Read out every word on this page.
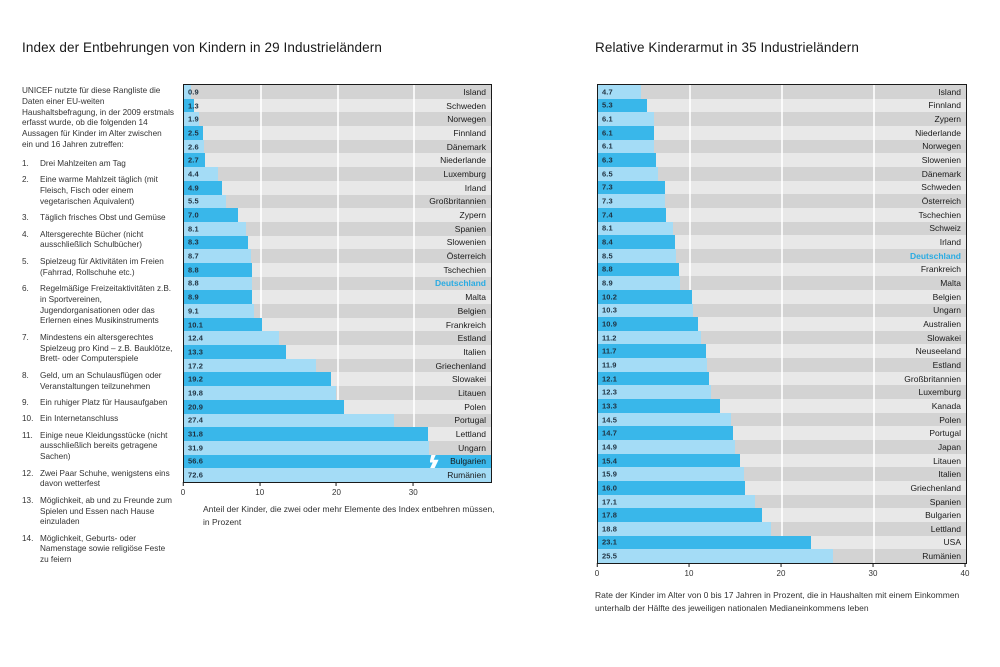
Index der Entbehrungen von Kindern in 29 Industrieländern

UNICEF nutzte für diese Rangliste die Daten einer EU-weiten Haushaltsbefragung, in der 2009 erstmals erfasst wurde, ob die folgenden 14 Aussagen für Kinder im Alter zwischen ein und 16 Jahren zutreffen:

1.	Drei Mahlzeiten am Tag
2.	Eine warme Mahlzeit täglich (mit Fleisch, Fisch oder einem vegetarischen Äquivalent)
3.	Täglich frisches Obst und Gemüse
4.	Altersgerechte Bücher (nicht ausschließlich Schulbücher)
5.	Spielzeug für Aktivitäten im Freien (Fahrrad, Rollschuhe etc.)
6.	Regelmäßige Freizeitaktivitäten z.B. in Sportvereinen, Jugendorganisationen oder das Erlernen eines Musikinstruments
7.	Mindestens ein altersgerechtes Spielzeug pro Kind – z.B. Bauklötze, Brett- oder Computerspiele
8.	Geld, um an Schulausflügen oder Veranstaltungen teilzunehmen
9.	Ein ruhiger Platz für Hausaufgaben
10. Ein Internetanschluss
11. Einige neue Kleidungsstücke (nicht ausschließlich bereits getragene Sachen)
12. Zwei Paar Schuhe, wenigstens eins davon wetterfest
13. Möglichkeit, ab und zu Freunde zum Spielen und Essen nach Hause einzuladen
14. Möglichkeit, Geburts- oder Namenstage sowie religiöse Feste zu feiern
0.9	Island
1.3	Schweden
1.9	Norwegen
2.5	Finnland
2.6	Dänemark
2.7	Niederlande
4.4	Luxemburg
4.9	Irland
5.5	Großbritannien
7.0	Zypern
8.1	Spanien
8.3	Slowenien
8.7	Österreich
8.8	Tschechien
8.8	Deutschland
8.9	Malta
9.1	Belgien
10.1	Frankreich
12.4	Estland
13.3	Italien
17.2	Griechenland
19.2	Slowakei
19.8	Litauen
20.9	Polen
27.4	Portugal
31.8	Lettland
31.9	Ungarn
56.6	Bulgarien
72.6	Rumänien
0	10	20	30

Anteil der Kinder, die zwei oder mehr Elemente des Index entbehren müssen, in Prozent

Relative Kinderarmut in 35 Industrieländern
4.7	Island
5.3	Finnland
6.1	Zypern
6.1	Niederlande
6.1	Norwegen
6.3	Slowenien
6.5	Dänemark
7.3	Schweden
7.3	Österreich
7.4	Tschechien
8.1	Schweiz
8.4	Irland
8.5	Deutschland
8.8	Frankreich
8.9	Malta
10.2	Belgien
10.3	Ungarn
10.9	Australien
11.2	Slowakei
11.7	Neuseeland
11.9	Estland
12.1	Großbritannien
12.3	Luxemburg
13.3	Kanada
14.5	Polen
14.7	Portugal
14.9	Japan
15.4	Litauen
15.9	Italien
16.0	Griechenland
17.1	Spanien
17.8	Bulgarien
18.8	Lettland
23.1	USA
25.5	Rumänien
0	10	20	30	40

Rate der Kinder im Alter von 0 bis 17 Jahren in Prozent, die in Haushalten mit einem Einkommen unterhalb der Hälfte des jeweiligen nationalen Medianeinkommens leben
